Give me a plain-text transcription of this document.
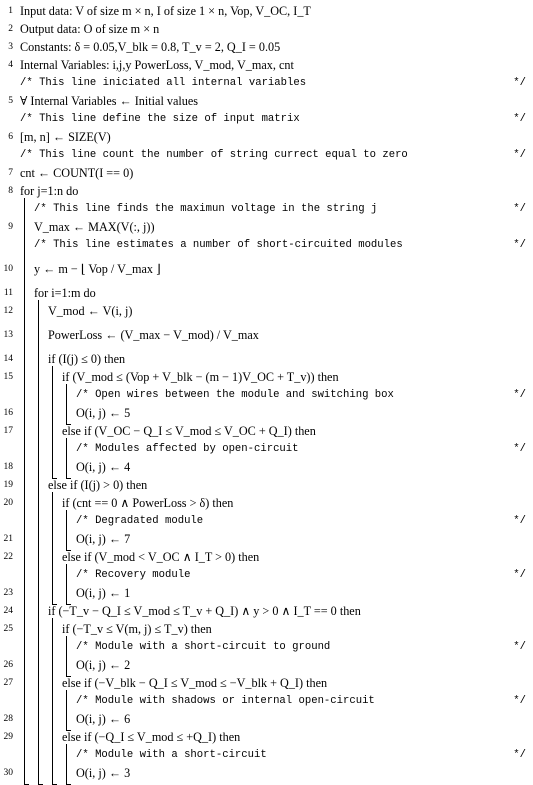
1 Input data: V of size m × n, I of size 1 × n, Vop, V_OC, I_T
2 Output data: O of size m × n
3 Constants: δ = 0.05,V_blk = 0.8, T_v = 2, Q_I = 0.05
4 Internal Variables: i,j,y PowerLoss, V_mod, V_max, cnt
/* This line iniciated all internal variables	*/
5 ∀ Internal Variables ← Initial values
/* This line define the size of input matrix	*/
6 [m, n] ← SIZE(V)
/* This line count the number of string currect equal to zero	*/
7 cnt ← COUNT(I == 0)
8 for j=1:n do
/* This line finds the maximun voltage in the string j	*/
9 V_max ← MAX(V(:, j))
/* This line estimates a number of short-circuited modules	*/
10 y ← m − ⌊ Vop / V_max ⌋
11 for i=1:m do
12	V_mod ← V(i, j)
13	PowerLoss ← (V_max − V_mod) / V_max
14	if (I(j) ≤ 0) then
15	if (V_mod ≤ (Vop + V_blk − (m − 1)V_OC + T_v)) then
/* Open wires between the module and switching box	*/
16	O(i, j) ← 5
17	else if (V_OC − Q_I ≤ V_mod ≤ V_OC + Q_I) then
/* Modules affected by open-circuit	*/
18	O(i, j) ← 4
19	else if (I(j) > 0) then
20	if (cnt == 0 ∧ PowerLoss > δ) then
/* Degradated module	*/
21	O(i, j) ← 7
22	else if (V_mod < V_OC ∧ I_T > 0) then
/* Recovery module	*/
23	O(i, j) ← 1
24	if (−T_v − Q_I ≤ V_mod ≤ T_v + Q_I) ∧ y > 0 ∧ I_T == 0 then
25	if (−T_v ≤ V(m, j) ≤ T_v) then
/* Module with a short-circuit to ground	*/
26	O(i, j) ← 2
27	else if (−V_blk − Q_I ≤ V_mod ≤ −V_blk + Q_I) then
/* Module with shadows or internal open-circuit	*/
28	O(i, j) ← 6
29	else if (−Q_I ≤ V_mod ≤ +Q_I) then
/* Module with a short-circuit	*/
30	O(i, j) ← 3
